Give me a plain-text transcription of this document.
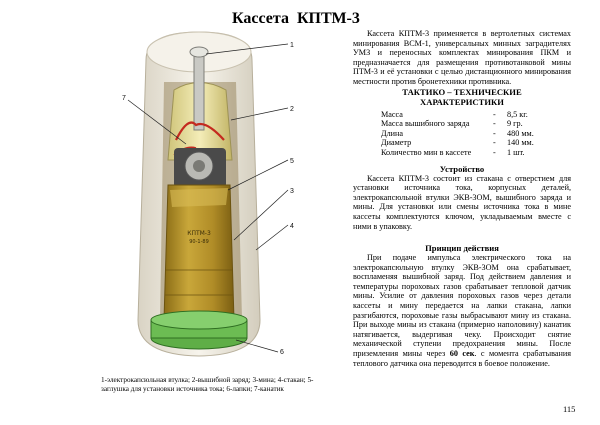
Кассета  КПТМ-3
КПТМ-3
90-1-89
1
2
3
4
5
6
7
1-электрокапсюльная втулка; 2-вышибной заряд; 3-мина; 4-стакан; 5-заглушка для установки источника тока; 6-лапки; 7-канатик

Кассета КПТМ-3 применяется в вертолетных системах минирования ВСМ-1, универсальных минных заградителях УМЗ и переносных комплектах минирования ПКМ и предназначается для размещения противотанковой мины ПТМ-3 и её установки с целью дистанционного минирования местности против бронетехники противника.

ТАКТИКО – ТЕХНИЧЕСКИЕ
ХАРАКТЕРИСТИКИ
Масса	-	8,5 кг.
Масса вышибного заряда	-	9 гр.
Длина	-	480 мм.
Диаметр	-	140 мм.
Количество мин в кассете	-	1 шт.
Устройство

Кассета КПТМ-3 состоит из стакана с отверстием для установки источника тока, корпусных деталей, электрокапсюльной втулки ЭКВ-3ОМ, вышибного заряда и мины. Для установки или смены источника тока в мине кассеты комплектуются ключом, укладываемым вместе с ними в упаковку.

Принцип действия

При подаче импульса электрического тока на электрокапсюльную втулку ЭКВ-3ОМ она срабатывает, воспламеняя вышибной заряд. Под действием давления и температуры пороховых газов срабатывает тепловой датчик мины. Усилие от давления пороховых газов через детали кассеты и мину передается на лапки стакана, лапки разгибаются, пороховые газы выбрасывают мину из стакана. При выходе мины из стакана (примерно наполовину) канатик натягивается, выдергивая чеку. Происходит снятие механической ступени предохранения мины. После приземления мины через 60 сек. с момента срабатывания теплового датчика она переводится в боевое положение.

115
